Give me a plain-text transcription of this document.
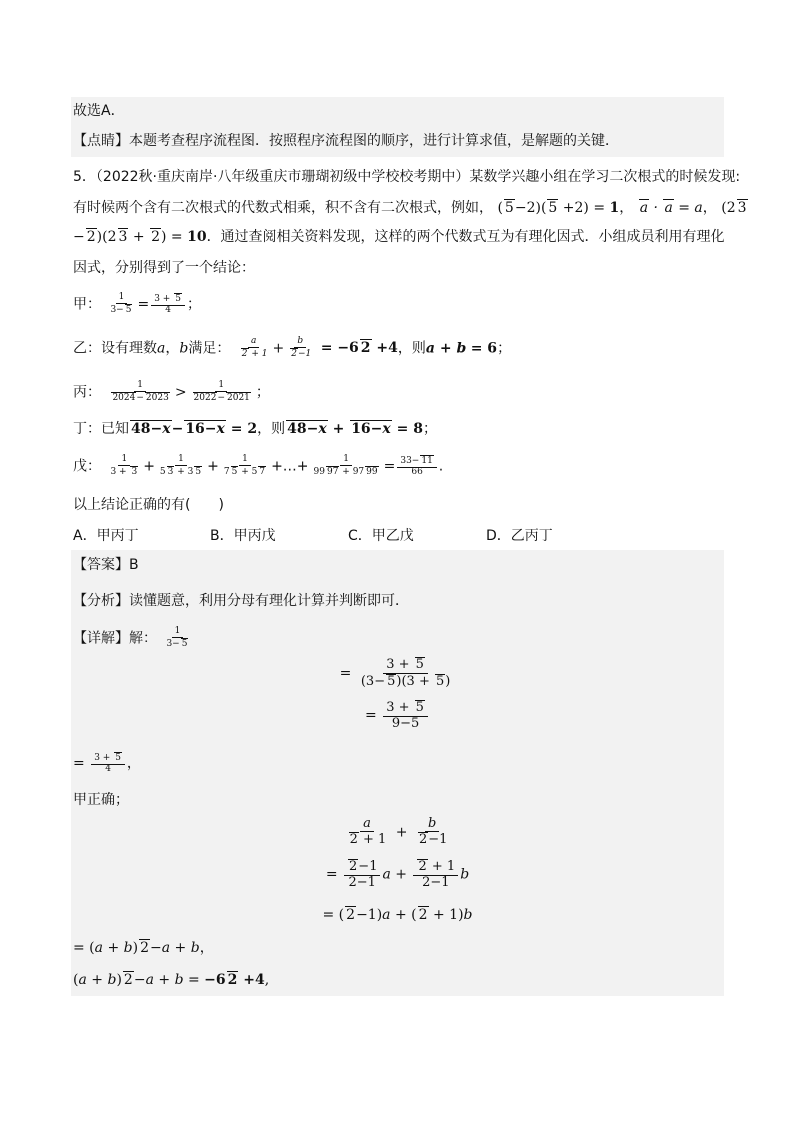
故选A．
【点睛】本题考查程序流程图．按照程序流程图的顺序，进行计算求值，是解题的关键．
5．（2022秋·重庆南岸·八年级重庆市珊瑚初级中学校校考期中）某数学兴趣小组在学习二次根式的时候发现:
有时候两个含有二次根式的代数式相乘，积不含有二次根式，例如， ( 5−2)( 5 +2) = 1， a · a = a， (2 3
− 2)(2 3 + 2) = 10．通过查阅相关资料发现，这样的两个代数式互为有理化因式．小组成员利用有理化
因式，分别得到了一个结论：
甲： $\frac{1}{3- 5} = \frac{3 + 5}{4}$ ；
乙：设有理数a，b满足： $\frac{a}{2 + 1} + \frac{b}{2-1} = -6$ 2 +4，则a + b = 6；
丙： $\frac{1}{2024- 2023} > \frac{1}{2022- 2021}$ ；
丁：已知 48−x− 16−x = 2，则 48−x + 16−x = 8；
戊： $\frac{1}{3 + 3} + \frac{1}{5 3 + 3 5} + \frac{1}{7 5 + 5 7}$ +…+ $\frac{1}{99 97 + 97 99} = \frac{33- 11}{66}$ .
以上结论正确的有(　　)
A．甲丙丁	B．甲丙戊	C．甲乙戊	D．乙丙丁
【答案】B
【分析】读懂题意，利用分母有理化计算并判断即可．
【详解】解： $\frac{1}{3- 5}$
= $\frac{3 + 5}{(3- 5)(3 + 5)}$
= $\frac{3 + 5}{9-5}$
= $\frac{3 + 5}{4}$ ，
甲正确；
$\frac{a}{2 + 1} + \frac{b}{2-1}$
= $\frac{2-1}{2-1}$ $a + \frac{2 + 1}{2-1}$ b
= ( 2−1)a + ( 2 + 1)b
= (a + b) 2−a + b，
(a + b) 2−a + b = −6 2 +4,
